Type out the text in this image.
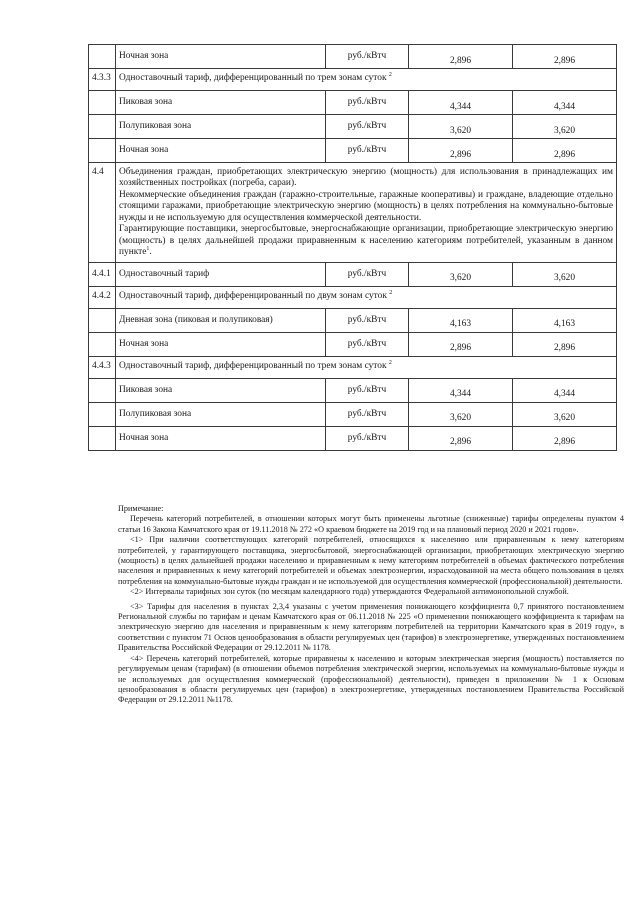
	Ночная зона	руб./кВтч	2,896	2,896
4.3.3	Одноставочный тариф, дифференцированный по трем зонам суток $^2$
	Пиковая зона	руб./кВтч	4,344	4,344
	Полупиковая зона	руб./кВтч	3,620	3,620
	Ночная зона	руб./кВтч	2,896	2,896
4.4	Объединения граждан, приобретающих электрическую энергию (мощность) для использования в принадлежащих им хозяйственных постройках (погреба, сараи).

Некоммерческие объединения граждан (гаражно-строительные, гаражные кооперативы) и граждане, владеющие отдельно стоящими гаражами, приобретающие электрическую энергию (мощность) в целях потребления на коммунально-бытовые нужды и не используемую для осуществления коммерческой деятельности.

Гарантирующие поставщики, энергосбытовые, энергоснабжающие организации, приобретающие электрическую энергию (мощность) в целях дальнейшей продажи приравненным к населению категориям потребителей, указанным в данном пункте$^1$.			

4.4.1	Одноставочный тариф	руб./кВтч	3,620	3,620
4.4.2	Одноставочный тариф, дифференцированный по двум зонам суток $^2$
	Дневная зона (пиковая и полупиковая)	руб./кВтч	4,163	4,163
	Ночная зона	руб./кВтч	2,896	2,896
4.4.3	Одноставочный тариф, дифференцированный по трем зонам суток $^2$
	Пиковая зона	руб./кВтч	4,344	4,344
	Полупиковая зона	руб./кВтч	3,620	3,620
	Ночная зона	руб./кВтч	2,896	2,896

Примечание:

Перечень категорий потребителей, в отношении которых могут быть применены льготные (сниженные) тарифы определены пунктом 4 статьи 16 Закона Камчатского края от 19.11.2018 № 272 «О краевом бюджете на 2019 год и на плановый период 2020 и 2021 годов».

<1> При наличии соответствующих категорий потребителей, относящихся к населению или приравненным к нему категориям потребителей, у гарантирующего поставщика, энергосбытовой, энергоснабжающей организации, приобретающих электрическую энергию (мощность) в целях дальнейшей продажи населению и приравненным к нему категориям потребителей в объемах фактического потребления населения и приравненных к нему категорий потребителей и объемах электроэнергии, израсходованной на места общего пользования в целях потребления на коммунально-бытовые нужды граждан и не используемой для осуществления коммерческой (профессиональной) деятельности.

<2> Интервалы тарифных зон суток (по месяцам календарного года) утверждаются Федеральной антимонопольной службой.

<3> Тарифы для населения в пунктах 2,3,4 указаны с учетом применения понижающего коэффициента 0,7 принятого постановлением Региональной службы по тарифам и ценам Камчатского края от 06.11.2018 № 225 «О применении понижающего коэффициента к тарифам на электрическую энергию для населения и приравненным к нему категориям потребителей на территории Камчатского края в 2019 году», в соответствии с пунктом 71 Основ ценообразования в области регулируемых цен (тарифов) в электроэнергетике, утвержденных постановлением Правительства Российской Федерации от 29.12.2011 № 1178.

<4> Перечень категорий потребителей, которые приравнены к населению и которым электрическая энергия (мощность) поставляется по регулируемым ценам (тарифам) (в отношении объемов потребления электрической энергии, используемых на коммунально-бытовые нужды и не используемых для осуществления коммерческой (профессиональной) деятельности), приведен в приложении № 1 к Основам ценообразования в области регулируемых цен (тарифов) в электроэнергетике, утвержденных постановлением Правительства Российской Федерации от 29.12.2011 №1178.
